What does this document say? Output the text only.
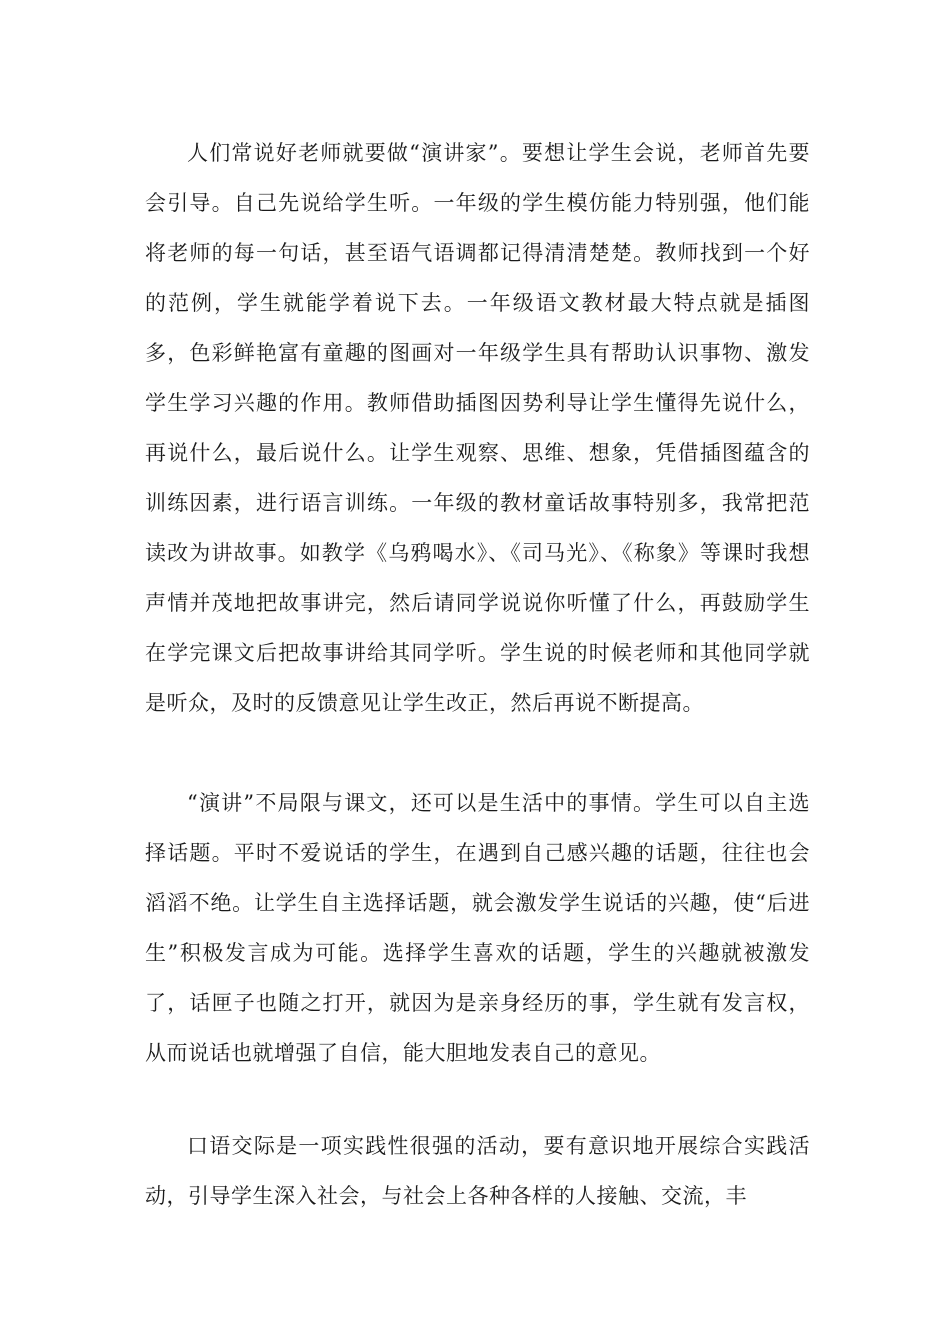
人们常说好老师就要做“演讲家”。要想让学生会说，老师首先要会引导。自己先说给学生听。一年级的学生模仿能力特别强，他们能将老师的每一句话，甚至语气语调都记得清清楚楚。教师找到一个好的范例，学生就能学着说下去。一年级语文教材最大特点就是插图多，色彩鲜艳富有童趣的图画对一年级学生具有帮助认识事物、激发学生学习兴趣的作用。教师借助插图因势利导让学生懂得先说什么，再说什么，最后说什么。让学生观察、思维、想象，凭借插图蕴含的训练因素，进行语言训练。一年级的教材童话故事特别多，我常把范读改为讲故事。如教学《乌鸦喝水》、《司马光》、《称象》等课时我想声情并茂地把故事讲完，然后请同学说说你听懂了什么，再鼓励学生在学完课文后把故事讲给其同学听。学生说的时候老师和其他同学就是听众，及时的反馈意见让学生改正，然后再说不断提高。

“演讲”不局限与课文，还可以是生活中的事情。学生可以自主选择话题。平时不爱说话的学生，在遇到自己感兴趣的话题，往往也会滔滔不绝。让学生自主选择话题，就会激发学生说话的兴趣，使“后进生”积极发言成为可能。选择学生喜欢的话题，学生的兴趣就被激发了，话匣子也随之打开，就因为是亲身经历的事，学生就有发言权，从而说话也就增强了自信，能大胆地发表自己的意见。

口语交际是一项实践性很强的活动，要有意识地开展综合实践活动，引导学生深入社会，与社会上各种各样的人接触、交流，丰
